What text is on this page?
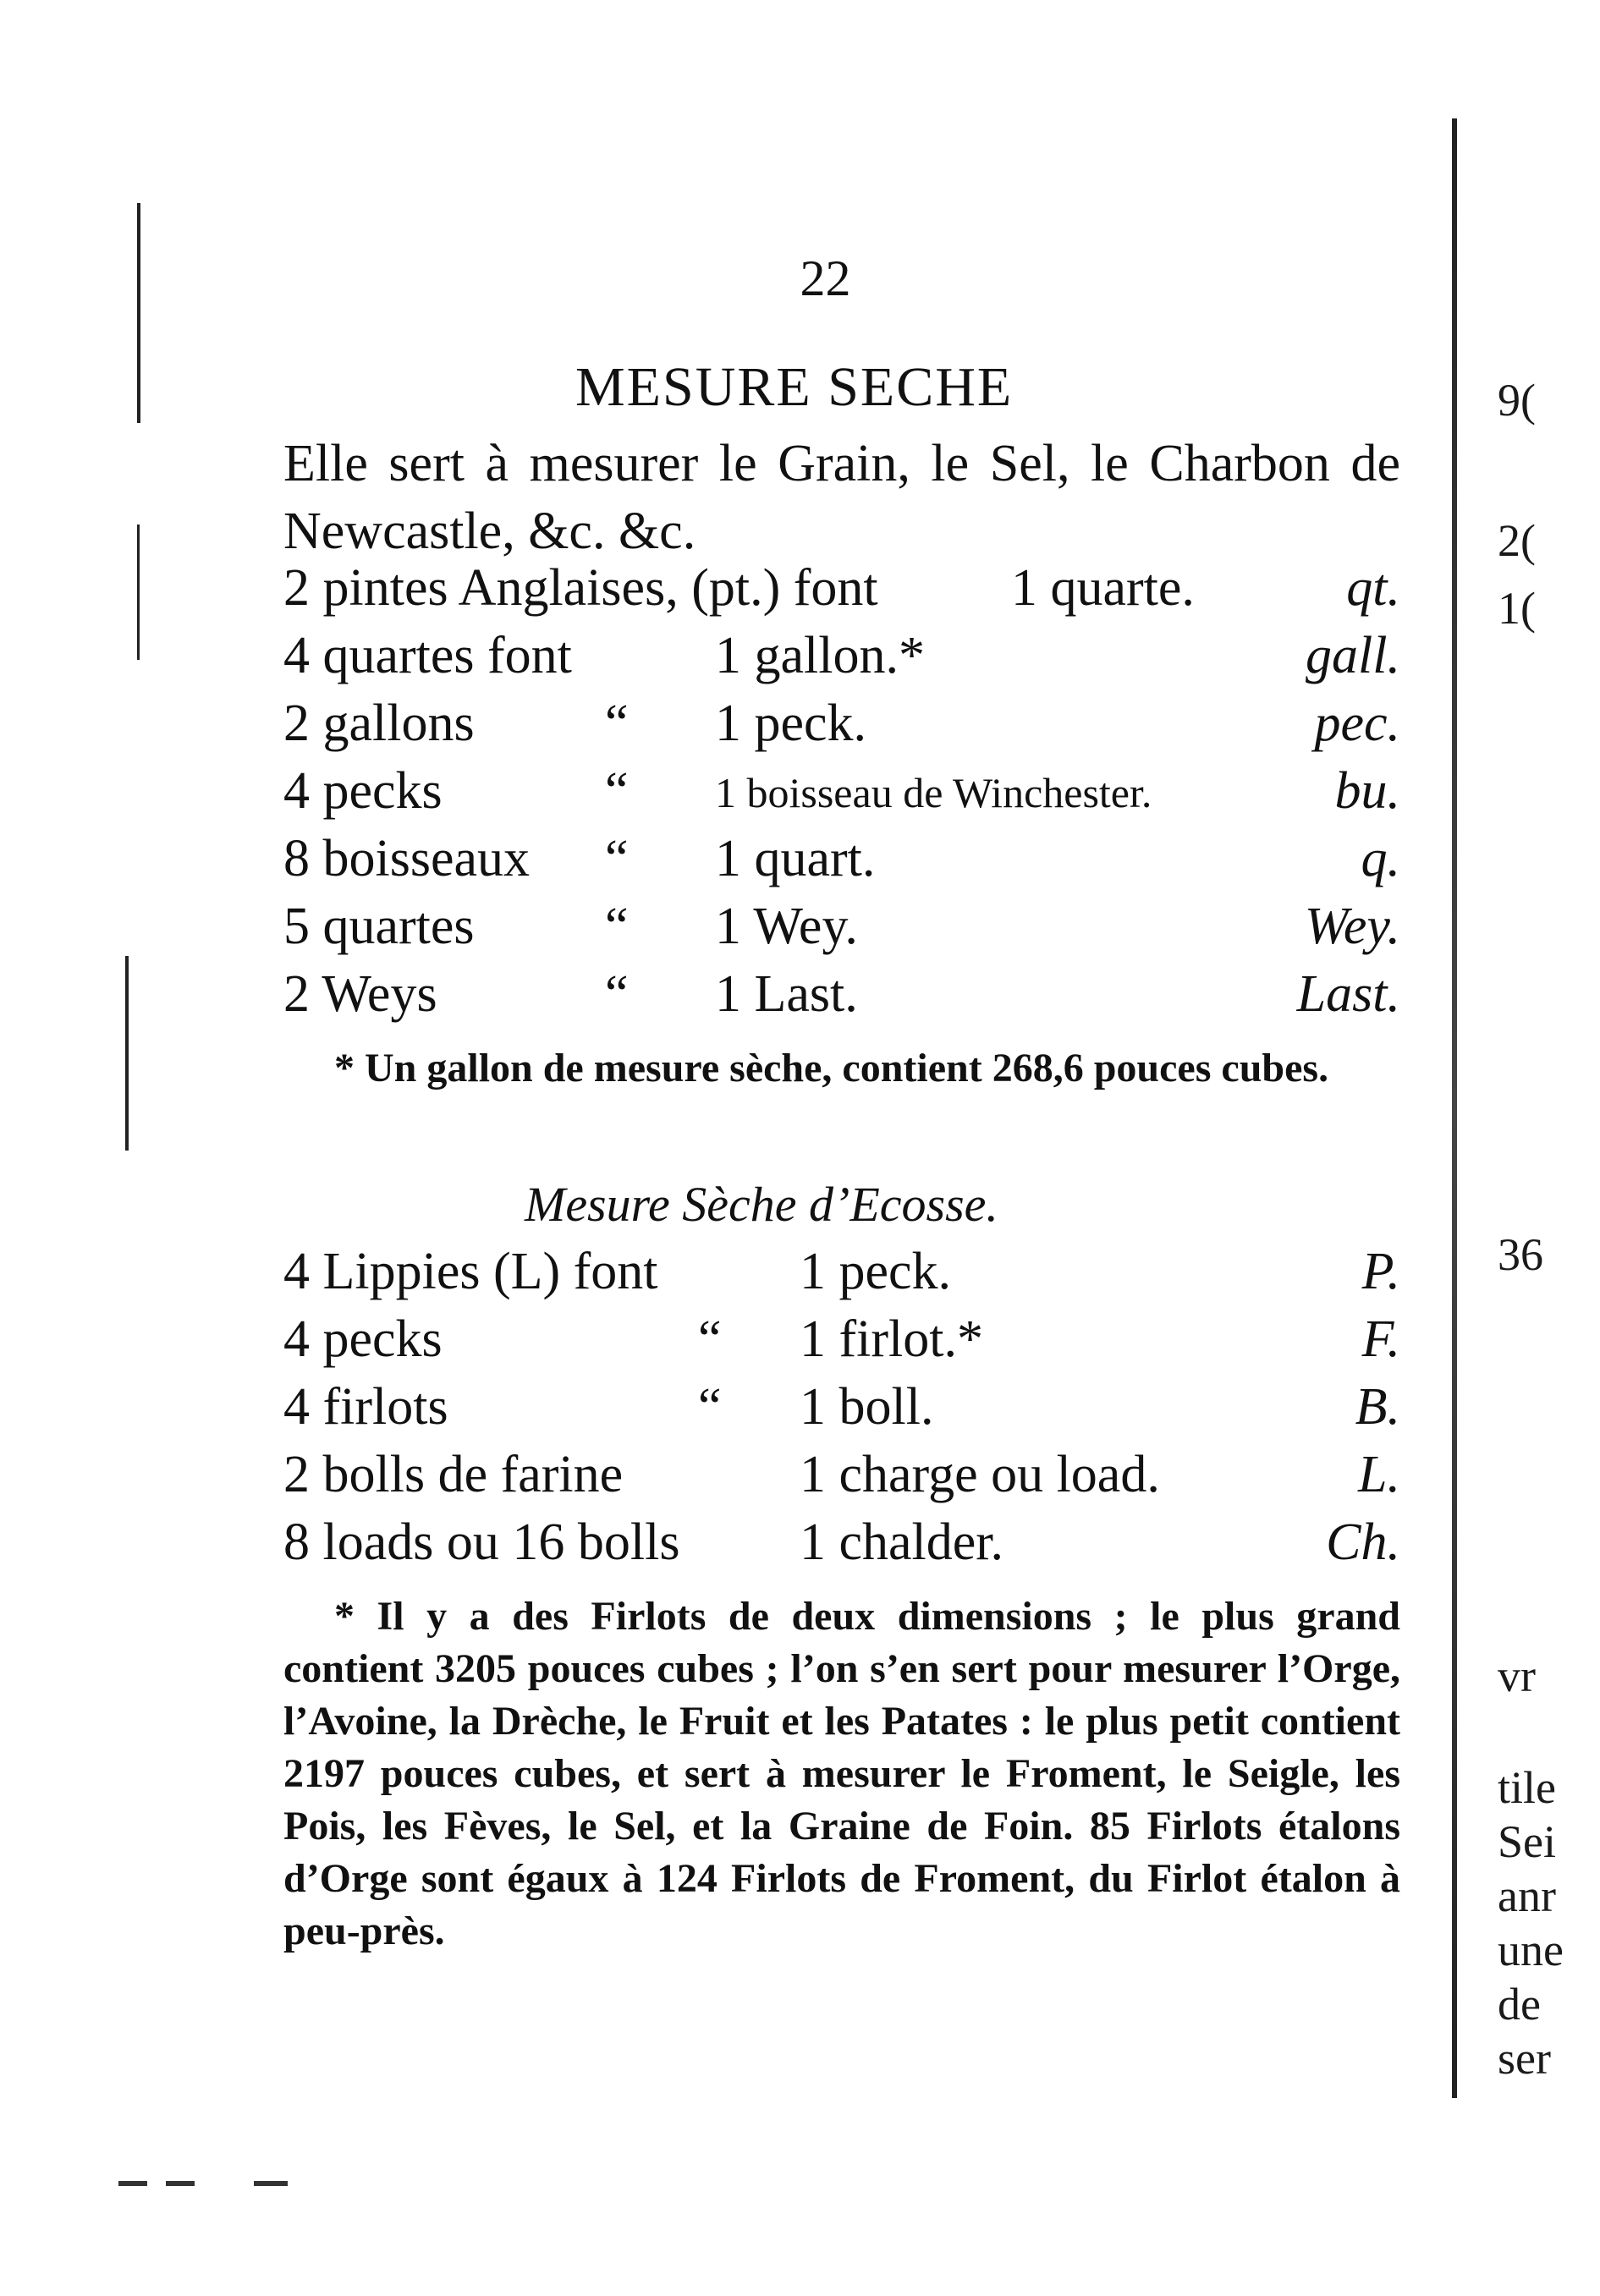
9(
2(
1(
36
vr
tile
Sei
anr
une
de
ser
22
MESURE SECHE
Elle sert à mesurer le Grain, le Sel, le Charbon de Newcastle, &c. &c.
2 pintes Anglaises, (pt.) font	1 quarte.	qt.
4 quartes font	1 gallon.*	gall.
2 gallons “ 1 peck.	pec.
4 pecks	“ 1 boisseau de Winchester.	bu.
8 boisseaux “ 1 quart.	q.
5 quartes “ 1 Wey.	Wey.
2 Weys	“ 1 Last.	Last.
* Un gallon de mesure sèche, contient 268,6 pouces cubes.
Mesure Sèche d’Ecosse.
4 Lippies (L) font	1 peck.	P.
4 pecks	“ 1 firlot.*	F.
4 firlots	“ 1 boll.	B.
2 bolls de farine	1 charge ou load.	L.
8 loads ou 16 bolls 1 chalder.	Ch.
* Il y a des Firlots de deux dimensions ; le plus grand contient 3205 pouces cubes ; l’on s’en sert pour mesurer l’Orge, l’Avoine, la Drèche, le Fruit et les Patates : le plus petit contient 2197 pouces cubes, et sert à mesurer le Froment, le Seigle, les Pois, les Fèves, le Sel, et la Graine de Foin. 85 Firlots étalons d’Orge sont égaux à 124 Firlots de Froment, du Firlot étalon à peu-près.
